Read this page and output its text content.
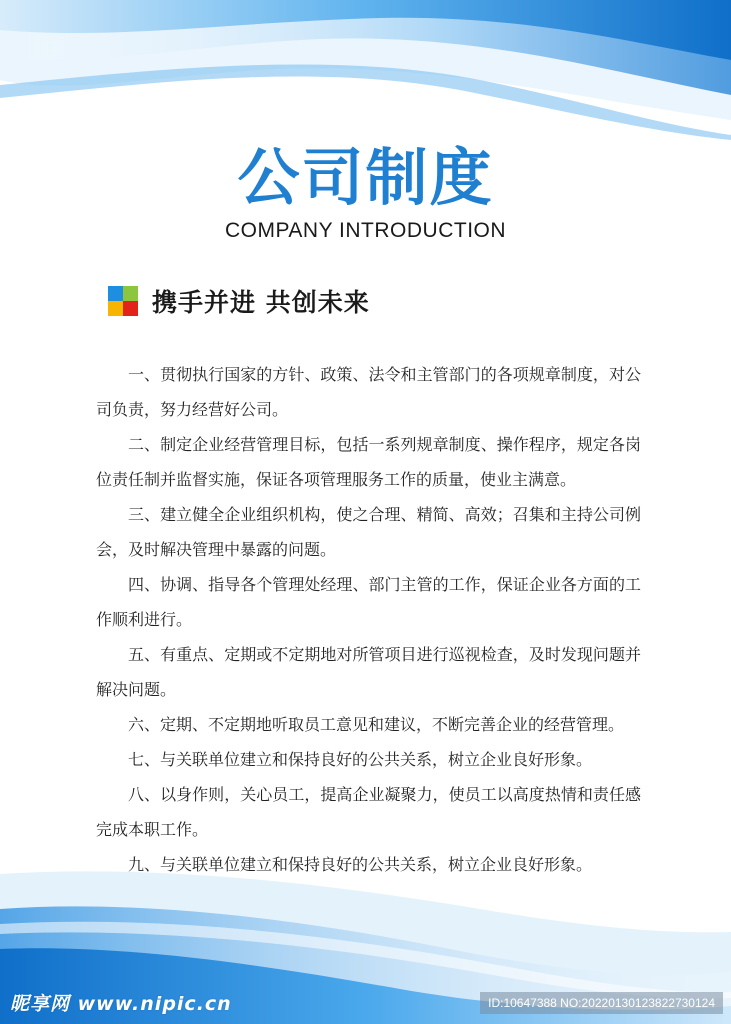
公司制度
COMPANY INTRODUCTION
携手并进 共创未来

一、贯彻执行国家的方针、政策、法令和主管部门的各项规章制度，对公司负责，努力经营好公司。

二、制定企业经营管理目标，包括一系列规章制度、操作程序，规定各岗位责任制并监督实施，保证各项管理服务工作的质量，使业主满意。

三、建立健全企业组织机构，使之合理、精简、高效；召集和主持公司例会，及时解决管理中暴露的问题。

四、协调、指导各个管理处经理、部门主管的工作，保证企业各方面的工作顺利进行。

五、有重点、定期或不定期地对所管项目进行巡视检查，及时发现问题并解决问题。

六、定期、不定期地听取员工意见和建议，不断完善企业的经营管理。

七、与关联单位建立和保持良好的公共关系，树立企业良好形象。

八、以身作则，关心员工，提高企业凝聚力，使员工以高度热情和责任感完成本职工作。

九、与关联单位建立和保持良好的公共关系，树立企业良好形象。

昵享网 www.nipic.cn	ID:10647388 NO:20220130123822730124
